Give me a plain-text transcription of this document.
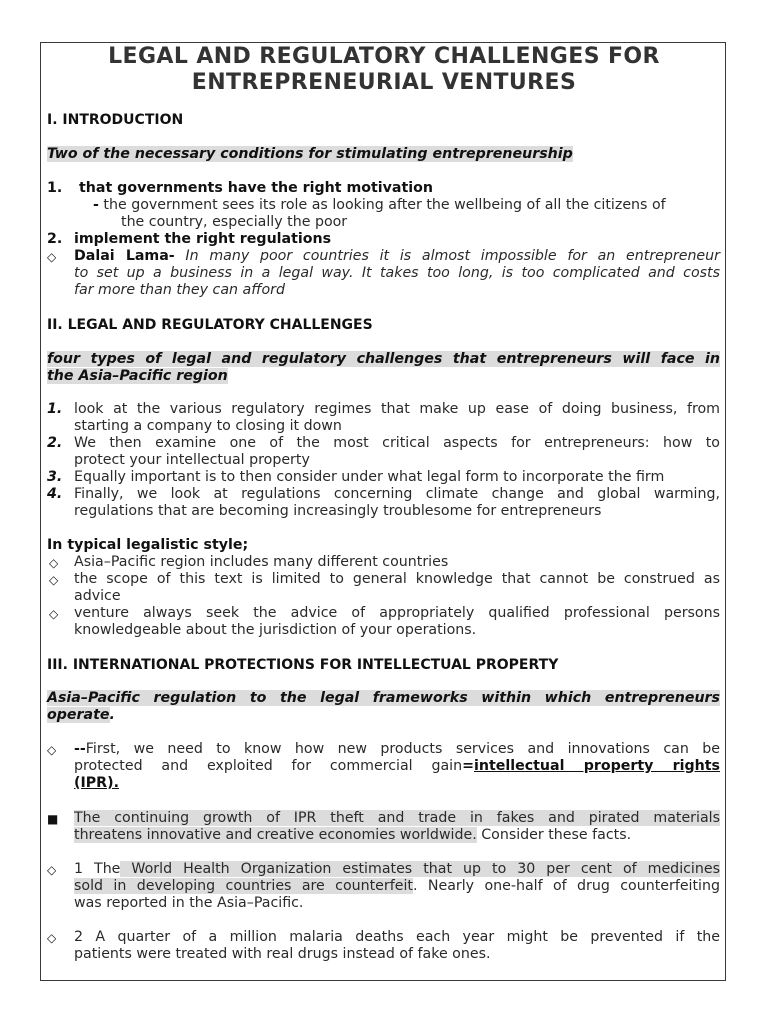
LEGAL AND REGULATORY CHALLENGES FOR
ENTREPRENEURIAL VENTURES
I. INTRODUCTION
Two of the necessary conditions for stimulating entrepreneurship
1. that governments have the right motivation
- the government sees its role as looking after the wellbeing of all the citizens of
the country, especially the poor
2. implement the right regulations
◇ Dalai Lama- In many poor countries it is almost impossible for an entrepreneur
to set up a business in a legal way. It takes too long, is too complicated and costs
far more than they can afford
II. LEGAL AND REGULATORY CHALLENGES
four types of legal and regulatory challenges that entrepreneurs will face in
the Asia–Pacific region
1. look at the various regulatory regimes that make up ease of doing business, from
starting a company to closing it down
2. We then examine one of the most critical aspects for entrepreneurs: how to
protect your intellectual property
3. Equally important is to then consider under what legal form to incorporate the firm
4. Finally, we look at regulations concerning climate change and global warming,
regulations that are becoming increasingly troublesome for entrepreneurs
In typical legalistic style;
◇ Asia–Pacific region includes many different countries
◇ the scope of this text is limited to general knowledge that cannot be construed as
advice
◇ venture always seek the advice of appropriately qualified professional persons
knowledgeable about the jurisdiction of your operations.
III. INTERNATIONAL PROTECTIONS FOR INTELLECTUAL PROPERTY
Asia–Pacific regulation to the legal frameworks within which entrepreneurs
operate.
◇ --First, we need to know how new products services and innovations can be
protected and exploited for commercial gain=intellectual property rights
(IPR).
■ The continuing growth of IPR theft and trade in fakes and pirated materials
threatens innovative and creative economies worldwide. Consider these facts.
◇ 1 The World Health Organization estimates that up to 30 per cent of medicines
sold in developing countries are counterfeit. Nearly one-half of drug counterfeiting
was reported in the Asia–Pacific.
◇ 2 A quarter of a million malaria deaths each year might be prevented if the
patients were treated with real drugs instead of fake ones.
